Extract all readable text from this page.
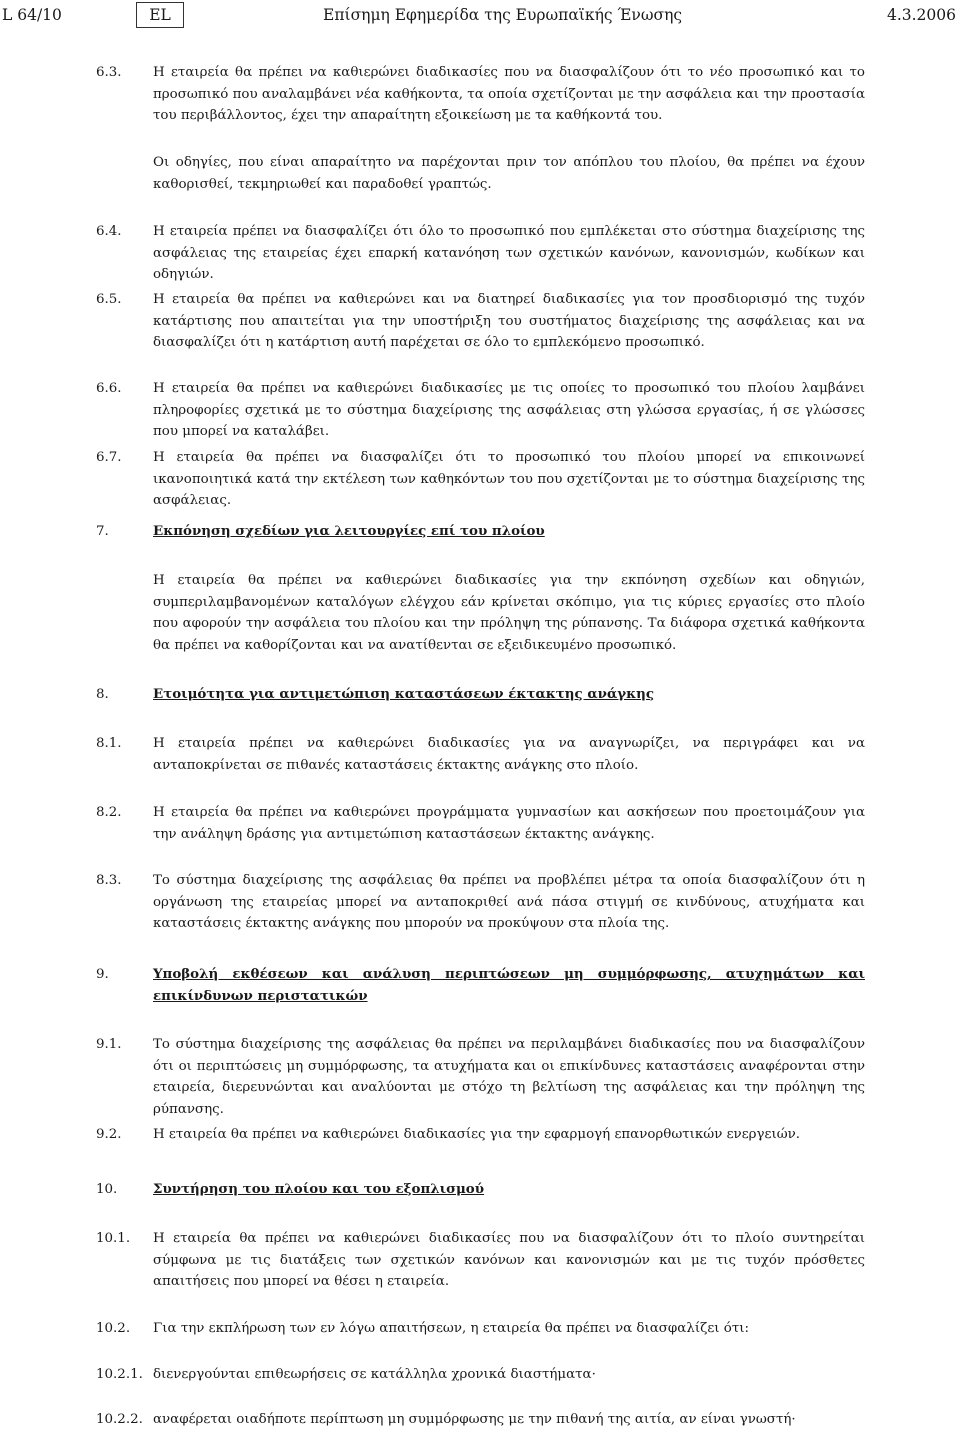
L 64/10	EL	Επίσημη Εφημερίδα της Ευρωπαϊκής Ένωσης	4.3.2006
6.3. Η εταιρεία θα πρέπει να καθιερώνει διαδικασίες που να διασφαλίζουν ότι το νέο προσωπικό και το προσωπικό που αναλαμβάνει νέα καθήκοντα, τα οποία σχετίζονται με την ασφάλεια και την προστασία του περιβάλλοντος, έχει την απαραίτητη εξοικείωση με τα καθήκοντά του.
Οι οδηγίες, που είναι απαραίτητο να παρέχονται πριν τον απόπλου του πλοίου, θα πρέπει να έχουν καθορισθεί, τεκμηριωθεί και παραδοθεί γραπτώς.
6.4. Η εταιρεία πρέπει να διασφαλίζει ότι όλο το προσωπικό που εμπλέκεται στο σύστημα διαχείρισης της ασφάλειας της εταιρείας έχει επαρκή κατανόηση των σχετικών κανόνων, κανονισμών, κωδίκων και οδηγιών.
6.5. Η εταιρεία θα πρέπει να καθιερώνει και να διατηρεί διαδικασίες για τον προσδιορισμό της τυχόν κατάρτισης που απαιτείται για την υποστήριξη του συστήματος διαχείρισης της ασφάλειας και να διασφαλίζει ότι η κατάρτιση αυτή παρέχεται σε όλο το εμπλεκόμενο προσωπικό.
6.6. Η εταιρεία θα πρέπει να καθιερώνει διαδικασίες με τις οποίες το προσωπικό του πλοίου λαμβάνει πληροφορίες σχετικά με το σύστημα διαχείρισης της ασφάλειας στη γλώσσα εργασίας, ή σε γλώσσες που μπορεί να καταλάβει.
6.7. Η εταιρεία θα πρέπει να διασφαλίζει ότι το προσωπικό του πλοίου μπορεί να επικοινωνεί ικανοποιητικά κατά την εκτέλεση των καθηκόντων του που σχετίζονται με το σύστημα διαχείρισης της ασφάλειας.
7.	Εκπόνηση σχεδίων για λειτουργίες επί του πλοίου
Η εταιρεία θα πρέπει να καθιερώνει διαδικασίες για την εκπόνηση σχεδίων και οδηγιών, συμπεριλαμβανομένων καταλόγων ελέγχου εάν κρίνεται σκόπιμο, για τις κύριες εργασίες στο πλοίο που αφορούν την ασφάλεια του πλοίου και την πρόληψη της ρύπανσης. Τα διάφορα σχετικά καθήκοντα θα πρέπει να καθορίζονται και να ανατίθενται σε εξειδικευμένο προσωπικό.
8.	Ετοιμότητα για αντιμετώπιση καταστάσεων έκτακτης ανάγκης
8.1. Η εταιρεία πρέπει να καθιερώνει διαδικασίες για να αναγνωρίζει, να περιγράφει και να ανταποκρίνεται σε πιθανές καταστάσεις έκτακτης ανάγκης στο πλοίο.
8.2. Η εταιρεία θα πρέπει να καθιερώνει προγράμματα γυμνασίων και ασκήσεων που προετοιμάζουν για την ανάληψη δράσης για αντιμετώπιση καταστάσεων έκτακτης ανάγκης.
8.3. Το σύστημα διαχείρισης της ασφάλειας θα πρέπει να προβλέπει μέτρα τα οποία διασφαλίζουν ότι η οργάνωση της εταιρείας μπορεί να ανταποκριθεί ανά πάσα στιγμή σε κινδύνους, ατυχήματα και καταστάσεις έκτακτης ανάγκης που μπορούν να προκύψουν στα πλοία της.
9.	Υποβολή εκθέσεων και ανάλυση περιπτώσεων μη συμμόρφωσης, ατυχημάτων και επικίνδυνων περιστατικών
9.1. Το σύστημα διαχείρισης της ασφάλειας θα πρέπει να περιλαμβάνει διαδικασίες που να διασφαλίζουν ότι οι περιπτώσεις μη συμμόρφωσης, τα ατυχήματα και οι επικίνδυνες καταστάσεις αναφέρονται στην εταιρεία, διερευνώνται και αναλύονται με στόχο τη βελτίωση της ασφάλειας και την πρόληψη της ρύπανσης.
9.2. Η εταιρεία θα πρέπει να καθιερώνει διαδικασίες για την εφαρμογή επανορθωτικών ενεργειών.
10.	Συντήρηση του πλοίου και του εξοπλισμού
10.1. Η εταιρεία θα πρέπει να καθιερώνει διαδικασίες που να διασφαλίζουν ότι το πλοίο συντηρείται σύμφωνα με τις διατάξεις των σχετικών κανόνων και κανονισμών και με τις τυχόν πρόσθετες απαιτήσεις που μπορεί να θέσει η εταιρεία.
10.2. Για την εκπλήρωση των εν λόγω απαιτήσεων, η εταιρεία θα πρέπει να διασφαλίζει ότι:
10.2.1. διενεργούνται επιθεωρήσεις σε κατάλληλα χρονικά διαστήματα·
10.2.2. αναφέρεται οιαδήποτε περίπτωση μη συμμόρφωσης με την πιθανή της αιτία, αν είναι γνωστή·
